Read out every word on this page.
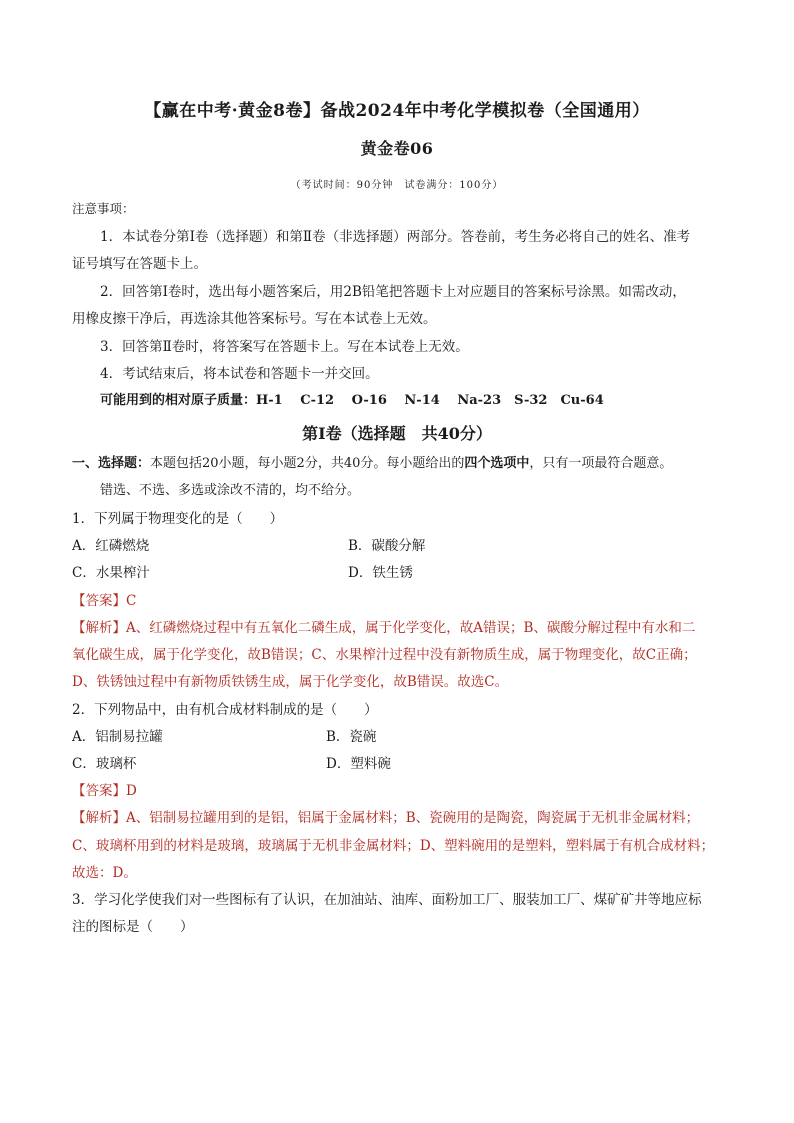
【赢在中考·黄金8卷】备战2024年中考化学模拟卷（全国通用）
黄金卷06
（考试时间：90分钟　试卷满分：100分）
注意事项：
1．本试卷分第Ⅰ卷（选择题）和第Ⅱ卷（非选择题）两部分。答卷前，考生务必将自己的姓名、准考
证号填写在答题卡上。
2．回答第Ⅰ卷时，选出每小题答案后，用2B铅笔把答题卡上对应题目的答案标号涂黑。如需改动，
用橡皮擦干净后，再选涂其他答案标号。写在本试卷上无效。
3．回答第Ⅱ卷时，将答案写在答题卡上。写在本试卷上无效。
4．考试结束后，将本试卷和答题卡一并交回。
可能用到的相对原子质量：H-1　 C-12　 O-16　 N-14　 Na-23　S-32　Cu-64
第Ⅰ卷（选择题　共40分）
一、选择题：本题包括20小题，每小题2分，共40分。每小题给出的四个选项中，只有一项最符合题意。
错选、不选、多选或涂改不清的，均不给分。
1．下列属于物理变化的是（　　）
A．红磷燃烧	B．碳酸分解
C．水果榨汁	D．铁生锈
【答案】C
【解析】A、红磷燃烧过程中有五氧化二磷生成，属于化学变化，故A错误；B、碳酸分解过程中有水和二
氧化碳生成，属于化学变化，故B错误；C、水果榨汁过程中没有新物质生成，属于物理变化，故C正确；
D、铁锈蚀过程中有新物质铁锈生成，属于化学变化，故B错误。故选C。
2．下列物品中，由有机合成材料制成的是（　　）
A．铝制易拉罐	B．瓷碗
C．玻璃杯	D．塑料碗
【答案】D
【解析】A、铝制易拉罐用到的是铝，铝属于金属材料；B、瓷碗用的是陶瓷，陶瓷属于无机非金属材料；
C、玻璃杯用到的材料是玻璃，玻璃属于无机非金属材料；D、塑料碗用的是塑料，塑料属于有机合成材料；
故选：D。
3．学习化学使我们对一些图标有了认识，在加油站、油库、面粉加工厂、服装加工厂、煤矿矿井等地应标
注的图标是（　　）
